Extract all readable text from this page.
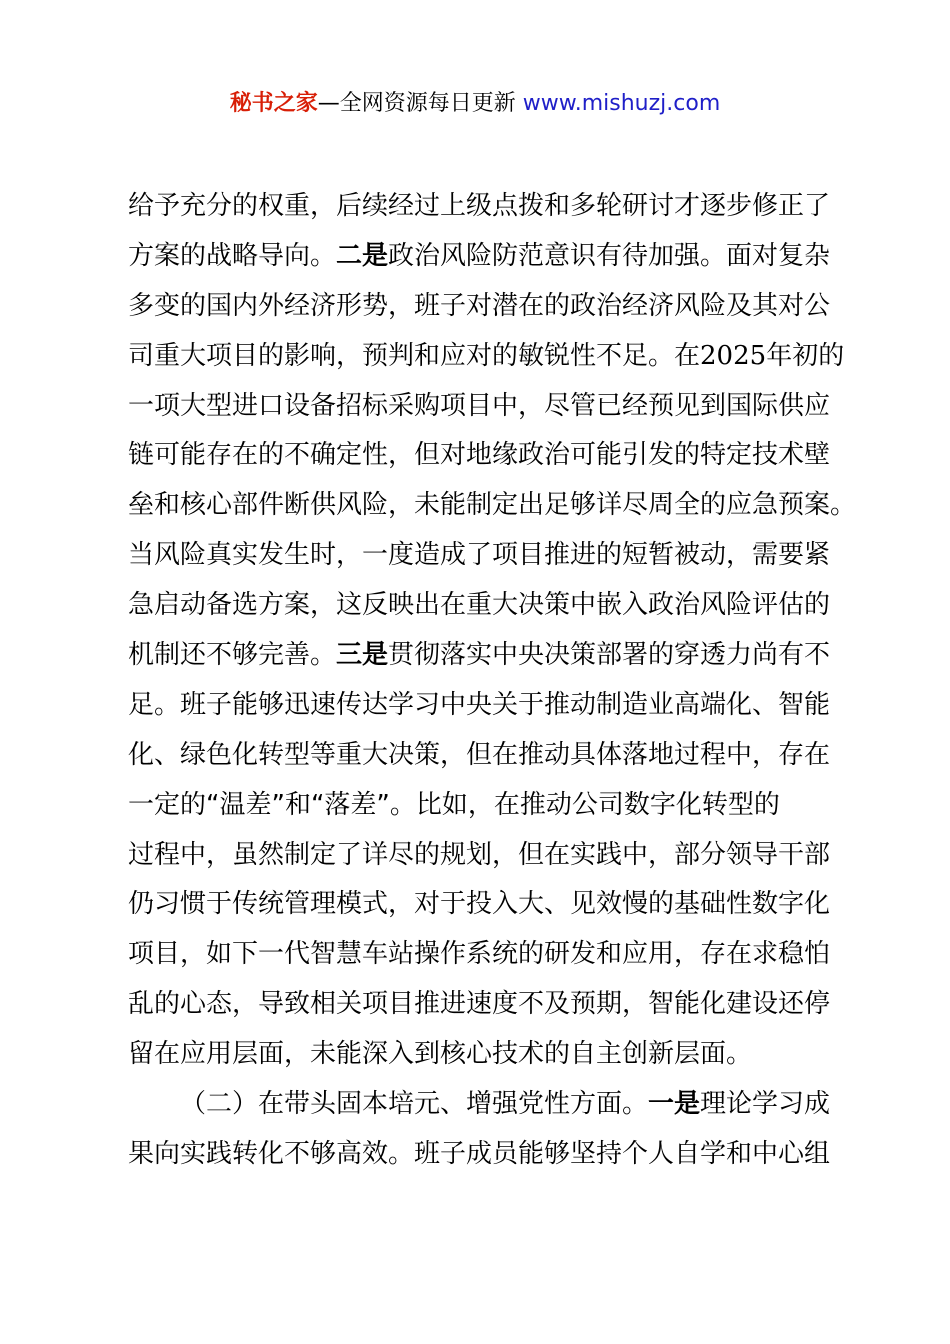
秘书之家—全网资源每日更新 www.mishuzj.com
给予充分的权重，后续经过上级点拨和多轮研讨才逐步修正了
方案的战略导向。二是政治风险防范意识有待加强。面对复杂
多变的国内外经济形势，班子对潜在的政治经济风险及其对公
司重大项目的影响，预判和应对的敏锐性不足。在2025年初的
一项大型进口设备招标采购项目中，尽管已经预见到国际供应
链可能存在的不确定性，但对地缘政治可能引发的特定技术壁
垒和核心部件断供风险，未能制定出足够详尽周全的应急预案。
当风险真实发生时，一度造成了项目推进的短暂被动，需要紧
急启动备选方案，这反映出在重大决策中嵌入政治风险评估的
机制还不够完善。三是贯彻落实中央决策部署的穿透力尚有不
足。班子能够迅速传达学习中央关于推动制造业高端化、智能
化、绿色化转型等重大决策，但在推动具体落地过程中，存在
一定的“温差”和“落差”。比如，在推动公司数字化转型的
过程中，虽然制定了详尽的规划，但在实践中，部分领导干部
仍习惯于传统管理模式，对于投入大、见效慢的基础性数字化
项目，如下一代智慧车站操作系统的研发和应用，存在求稳怕
乱的心态，导致相关项目推进速度不及预期，智能化建设还停
留在应用层面，未能深入到核心技术的自主创新层面。
（二）在带头固本培元、增强党性方面。一是理论学习成
果向实践转化不够高效。班子成员能够坚持个人自学和中心组
